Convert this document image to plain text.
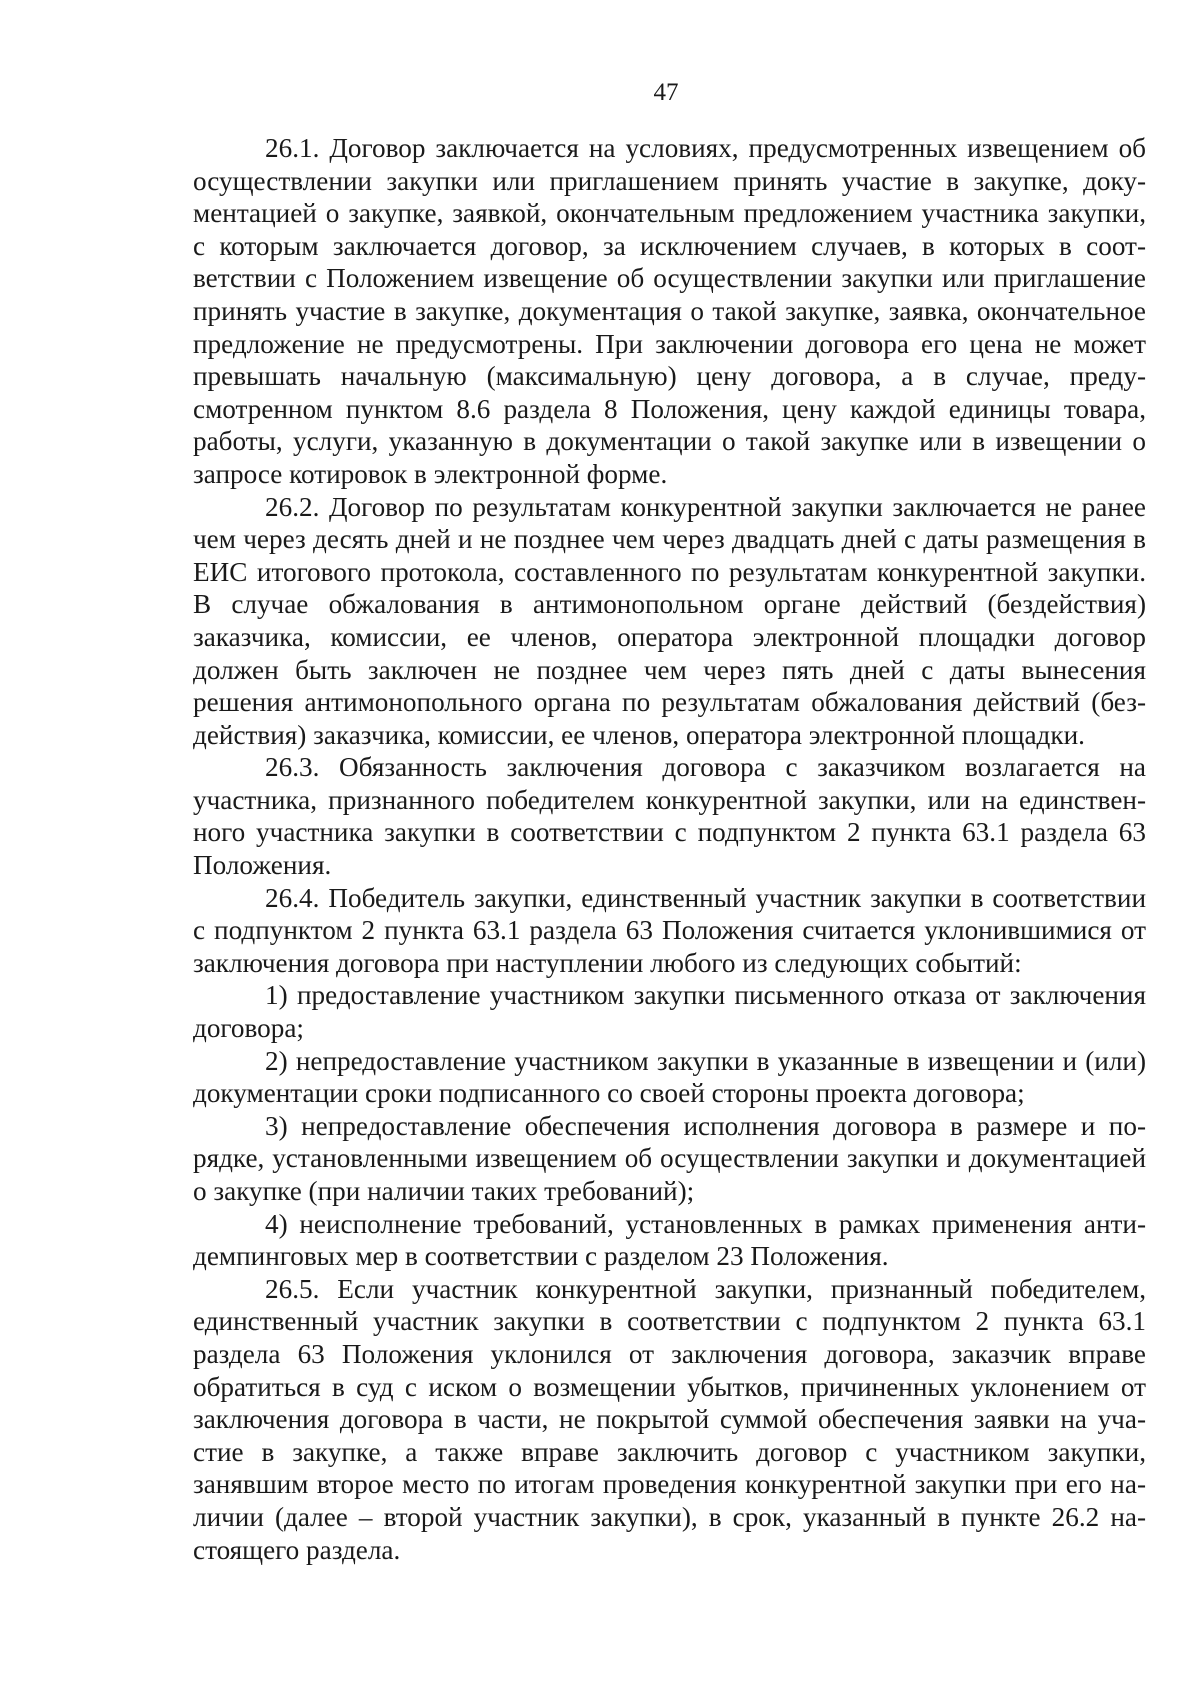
47

26.1. Договор заключается на условиях, предусмотренных извещением об осуществлении закупки или приглашением принять участие в закупке, документацией о закупке, заявкой, окончательным предложением участника закупки, с которым заключается договор, за исключением случаев, в которых в соответствии с Положением извещение об осуществлении закупки или приглашение принять участие в закупке, документация о такой закупке, заявка, окончательное предложение не предусмотрены. При заключении договора его цена не может превышать начальную (максимальную) цену договора, а в случае, предусмотренном пунктом 8.6 раздела 8 Положения, цену каждой единицы товара, работы, услуги, указанную в документации о такой закупке или в извещении о запросе котировок в электронной форме.

26.2. Договор по результатам конкурентной закупки заключается не ранее чем через десять дней и не позднее чем через двадцать дней с даты размещения в ЕИС итогового протокола, составленного по результатам конкурентной закупки. В случае обжалования в антимонопольном органе действий (бездействия) заказчика, комиссии, ее членов, оператора электронной площадки договор должен быть заключен не позднее чем через пять дней с даты вынесения решения антимонопольного органа по результатам обжалования действий (бездействия) заказчика, комиссии, ее членов, оператора электронной площадки.

26.3. Обязанность заключения договора с заказчиком возлагается на участника, признанного победителем конкурентной закупки, или на единственного участника закупки в соответствии с подпунктом 2 пункта 63.1 раздела 63 Положения.

26.4. Победитель закупки, единственный участник закупки в соответствии с подпунктом 2 пункта 63.1 раздела 63 Положения считается уклонившимися от заключения договора при наступлении любого из следующих событий:

1) предоставление участником закупки письменного отказа от заключения договора;

2) непредоставление участником закупки в указанные в извещении и (или) документации сроки подписанного со своей стороны проекта договора;

3) непредоставление обеспечения исполнения договора в размере и порядке, установленными извещением об осуществлении закупки и документацией о закупке (при наличии таких требований);

4) неисполнение требований, установленных в рамках применения антидемпинговых мер в соответствии с разделом 23 Положения.

26.5. Если участник конкурентной закупки, признанный победителем, единственный участник закупки в соответствии с подпунктом 2 пункта 63.1 раздела 63 Положения уклонился от заключения договора, заказчик вправе обратиться в суд с иском о возмещении убытков, причиненных уклонением от заключения договора в части, не покрытой суммой обеспечения заявки на участие в закупке, а также вправе заключить договор с участником закупки, занявшим второе место по итогам проведения конкурентной закупки при его наличии (далее – второй участник закупки), в срок, указанный в пункте 26.2 настоящего раздела.
